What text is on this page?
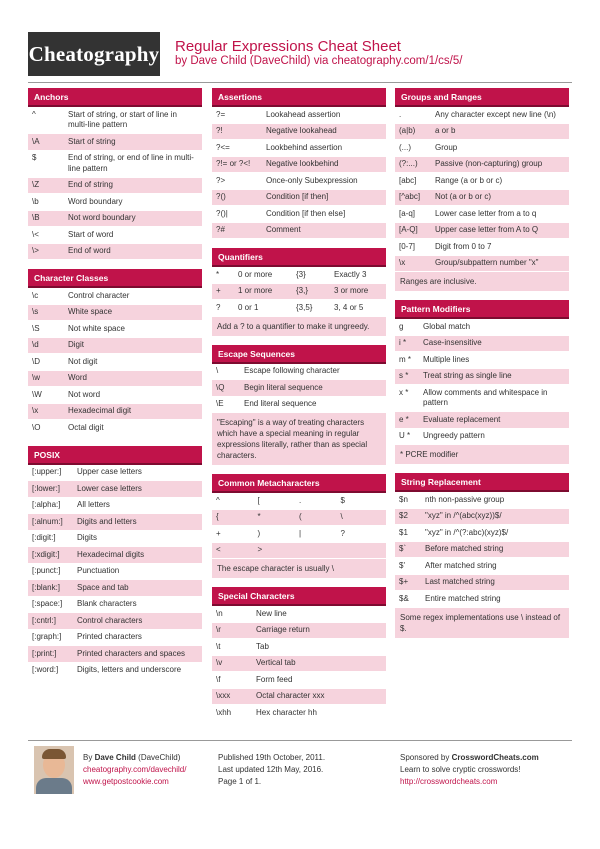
Cheatography Regular Expressions Cheat Sheet
by Dave Child (DaveChild) via cheatography.com/1/cs/5/
Anchors
^	Start of string, or start of line in multi-line pattern
\A	Start of string
$	End of string, or end of line in multi-line pattern
\Z	End of string
\b	Word boundary
\B	Not word boundary
\<	Start of word
\>	End of word
Character Classes
\c	Control character
\s	White space
\S	Not white space
\d	Digit
\D	Not digit
\w	Word
\W	Not word
\x	Hexadecimal digit
\O	Octal digit
POSIX
[:upper:]	Upper case letters
[:lower:]	Lower case letters
[:alpha:]	All letters
[:alnum:]	Digits and letters
[:digit:]	Digits
[:xdigit:]	Hexadecimal digits
[:punct:]	Punctuation
[:blank:]	Space and tab
[:space:]	Blank characters
[:cntrl:]	Control characters
[:graph:]	Printed characters
[:print:]	Printed characters and spaces
[:word:]	Digits, letters and underscore
Assertions
?=	Lookahead assertion
?!	Negative lookahead
?<=	Lookbehind assertion
?!= or ?<!	Negative lookbehind
?>	Once-only Subexpression
?()	Condition [if then]
?()|	Condition [if then else]
?#	Comment
Quantifiers
*	0 or more	{3}	Exactly 3
+	1 or more	{3,}	3 or more
?	0 or 1	{3,5}	3, 4 or 5
Add a ? to a quantifier to make it ungreedy.
Escape Sequences
\	Escape following character
\Q	Begin literal sequence
\E	End literal sequence
"Escaping" is a way of treating characters which have a special meaning in regular expressions literally, rather than as special characters.
Common Metacharacters
^	[	.	$
{	*	(	\
+	)	|	?
<	>
The escape character is usually \
Special Characters
\n	New line
\r	Carriage return
\t	Tab
\v	Vertical tab
\f	Form feed
\xxx	Octal character xxx
\xhh	Hex character hh
Groups and Ranges
.	Any character except new line (\n)
(a|b)	a or b
(...)	Group
(?:...)	Passive (non-capturing) group
[abc]	Range (a or b or c)
[^abc]	Not (a or b or c)
[a-q]	Lower case letter from a to q
[A-Q]	Upper case letter from A to Q
[0-7]	Digit from 0 to 7
\x	Group/subpattern number "x"
Ranges are inclusive.
Pattern Modifiers
g	Global match
i *	Case-insensitive
m *	Multiple lines
s *	Treat string as single line
x *	Allow comments and whitespace in pattern
e *	Evaluate replacement
U *	Ungreedy pattern
* PCRE modifier
String Replacement
$n	nth non-passive group
$2	"xyz" in /^(abc(xyz))$/
$1	"xyz" in /^(?:abc)(xyz)$/
$`	Before matched string
$'	After matched string
$+	Last matched string
$&	Entire matched string
Some regex implementations use \ instead of $.
By Dave Child (DaveChild)
cheatography.com/davechild/
www.getpostcookie.com
Published 19th October, 2011.
Last updated 12th May, 2016.
Page 1 of 1.
Sponsored by CrosswordCheats.com
Learn to solve cryptic crosswords!
http://crosswordcheats.com
